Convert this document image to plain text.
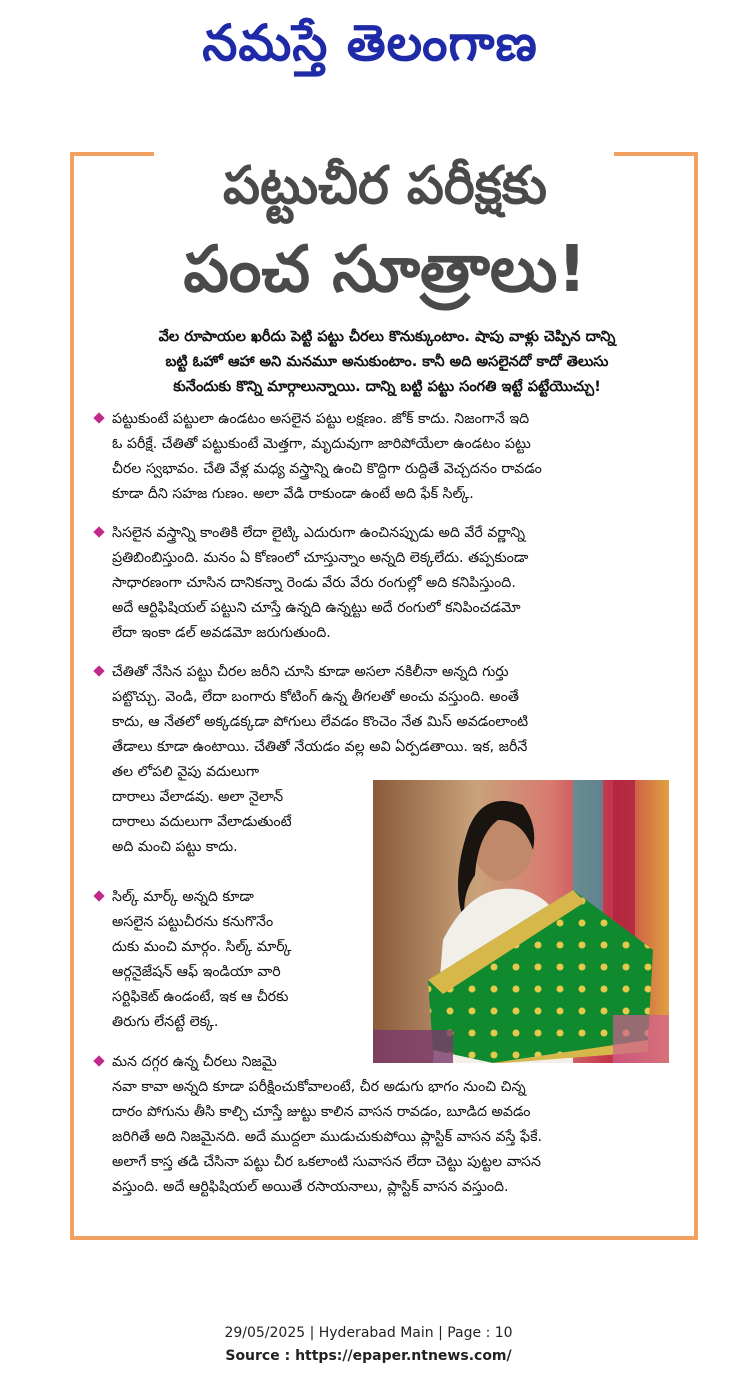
నమస్తే తెలంగాణ
పట్టుచీర పరీక్షకు
పంచ సూత్రాలు!
వేల రూపాయల ఖరీదు పెట్టి పట్టు చీరలు కొనుక్కుంటాం. షాపు వాళ్లు చెప్పిన దాన్ని
బట్టి ఓహో ఆహా అని మనమూ అనుకుంటాం. కానీ అది అసలైనదో కాదో తెలుసు
కునేందుకు కొన్ని మార్గాలున్నాయి. దాన్ని బట్టి పట్టు సంగతి ఇట్టే పట్టేయొచ్చు!
పట్టుకుంటే పట్టులా ఉండటం అసలైన పట్టు లక్షణం. జోక్ కాదు. నిజంగానే ఇది
ఓ పరీక్షే. చేతితో పట్టుకుంటే మెత్తగా, మృదువుగా జారిపోయేలా ఉండటం పట్టు
చీరల స్వభావం. చేతి వేళ్ల మధ్య వస్త్రాన్ని ఉంచి కొద్దిగా రుద్దితే వెచ్చదనం రావడం
కూడా దీని సహజ గుణం. అలా వేడి రాకుండా ఉంటే అది ఫేక్ సిల్క్.
సిసలైన వస్త్రాన్ని కాంతికి లేదా లైట్కి ఎదురుగా ఉంచినప్పుడు అది వేరే వర్ణాన్ని
ప్రతిబింబిస్తుంది. మనం ఏ కోణంలో చూస్తున్నాం అన్నది లెక్కలేదు. తప్పకుండా
సాధారణంగా చూసిన దానికన్నా రెండు వేరు వేరు రంగుల్లో అది కనిపిస్తుంది.
అదే ఆర్టిఫిషియల్ పట్టుని చూస్తే ఉన్నది ఉన్నట్టు అదే రంగులో కనిపించడమో
లేదా ఇంకా డల్ అవడమో జరుగుతుంది.
చేతితో నేసిన పట్టు చీరల జరీని చూసి కూడా అసలా నకిలీనా అన్నది గుర్తు
పట్టొచ్చు. వెండి, లేదా బంగారు కోటింగ్ ఉన్న తీగలతో అంచు వస్తుంది. అంతే
కాదు, ఆ నేతలో అక్కడక్కడా పోగులు లేవడం కొంచెం నేత మిస్ అవడంలాంటి
తేడాలు కూడా ఉంటాయి. చేతితో నేయడం వల్ల అవి ఏర్పడతాయి. ఇక, జరీనే
తల లోపలి వైపు వదులుగా
దారాలు వేలాడవు. అలా నైలాన్
దారాలు వదులుగా వేలాడుతుంటే
అది మంచి పట్టు కాదు.
సిల్క్ మార్క్ అన్నది కూడా
అసలైన పట్టుచీరను కనుగొనేం
దుకు మంచి మార్గం. సిల్క్ మార్క్
ఆర్గనైజేషన్ ఆఫ్ ఇండియా వారి
సర్టిఫికెట్ ఉండంటే, ఇక ఆ చీరకు
తిరుగు లేనట్టే లెక్క.
మన దగ్గర ఉన్న చీరలు నిజమై
నవా కావా అన్నది కూడా పరీక్షించుకోవాలంటే, చీర అడుగు భాగం నుంచి చిన్న
దారం పోగును తీసి కాల్చి చూస్తే జుట్టు కాలిన వాసన రావడం, బూడిద అవడం
జరిగితే అది నిజమైనది. అదే ముద్దలా ముడుచుకుపోయి ప్లాస్టిక్ వాసన వస్తే ఫేకే.
అలాగే కాస్త తడి చేసినా పట్టు చీర ఒకలాంటి సువాసన లేదా చెట్టు పుట్టల వాసన
వస్తుంది. అదే ఆర్టిఫిషియల్ అయితే రసాయనాలు, ప్లాస్టిక్ వాసన వస్తుంది.
29/05/2025 | Hyderabad Main | Page : 10
Source : https://epaper.ntnews.com/
